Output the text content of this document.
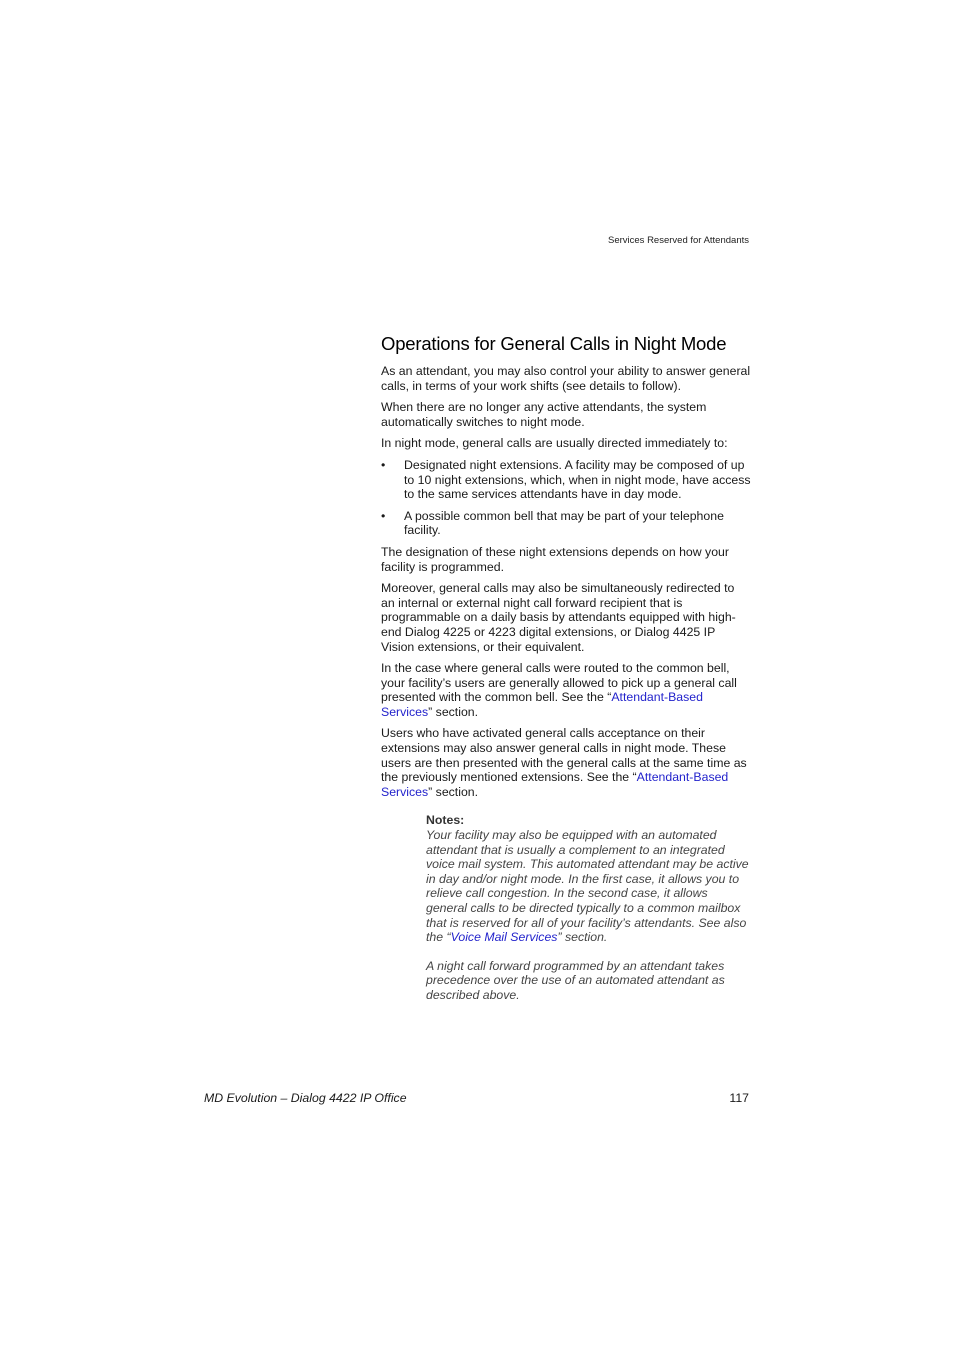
Services Reserved for Attendants
Operations for General Calls in Night Mode

As an attendant, you may also control your ability to answer general calls, in terms of your work shifts (see details to follow).

When there are no longer any active attendants, the system automatically switches to night mode.

In night mode, general calls are usually directed immediately to:

• Designated night extensions. A facility may be composed of up to 10 night extensions, which, when in night mode, have access to the same services attendants have in day mode.
• A possible common bell that may be part of your telephone facility.

The designation of these night extensions depends on how your facility is programmed.

Moreover, general calls may also be simultaneously redirected to an internal or external night call forward recipient that is programmable on a daily basis by attendants equipped with high-end Dialog 4225 or 4223 digital extensions, or Dialog 4425 IP Vision extensions, or their equivalent.

In the case where general calls were routed to the common bell, your facility’s users are generally allowed to pick up a general call presented with the common bell. See the “Attendant-Based Services” section.

Users who have activated general calls acceptance on their extensions may also answer general calls in night mode. These users are then presented with the general calls at the same time as the previously mentioned extensions. See the “Attendant-Based Services” section.

Notes:

Your facility may also be equipped with an automated attendant that is usually a complement to an integrated voice mail system. This automated attendant may be active in day and/or night mode. In the first case, it allows you to relieve call congestion. In the second case, it allows general calls to be directed typically to a common mailbox that is reserved for all of your facility’s attendants. See also the “Voice Mail Services” section.

A night call forward programmed by an attendant takes precedence over the use of an automated attendant as described above.

MD Evolution – Dialog 4422 IP Office	117
